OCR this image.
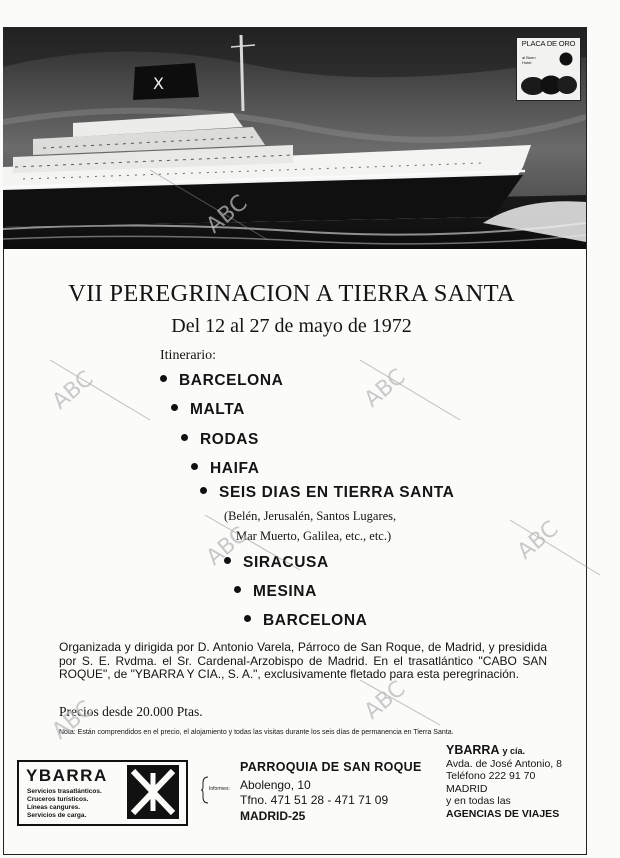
X
PLACA DE ORO
al Buen Hotel
VII PEREGRINACION A TIERRA SANTA
Del 12 al 27 de mayo de 1972
Itinerario:
BARCELONA
MALTA
RODAS
HAIFA
SEIS DIAS EN TIERRA SANTA
(Belén, Jerusalén, Santos Lugares,
Mar Muerto, Galilea, etc., etc.)
SIRACUSA
MESINA
BARCELONA
Organizada y dirigida por D. Antonio Varela, Párroco de San Roque, de Madrid, y presidida por S. E. Rvdma. el Sr. Cardenal-Arzobispo de Madrid. En el trasatlántico "CABO SAN ROQUE", de "YBARRA Y CIA., S. A.", exclusivamente fletado para esta peregrinación.
Precios desde 20.000 Ptas.
Nota: Están comprendidos en el precio, el alojamiento y todas las visitas durante los seis días de permanencia en Tierra Santa.
YBARRA
Servicios trasatlánticos.
Cruceros turísticos.
Líneas cangures.
Servicios de carga.
Informes:
PARROQUIA DE SAN ROQUE
Abolengo, 10
Tfno. 471 51 28 - 471 71 09
MADRID-25
YBARRA y cía.
Avda. de José Antonio, 8
Teléfono 222 91 70
MADRID
y en todas las
AGENCIAS DE VIAJES
ABC
ABC	ABC
ABC	ABC
ABC
ABC
